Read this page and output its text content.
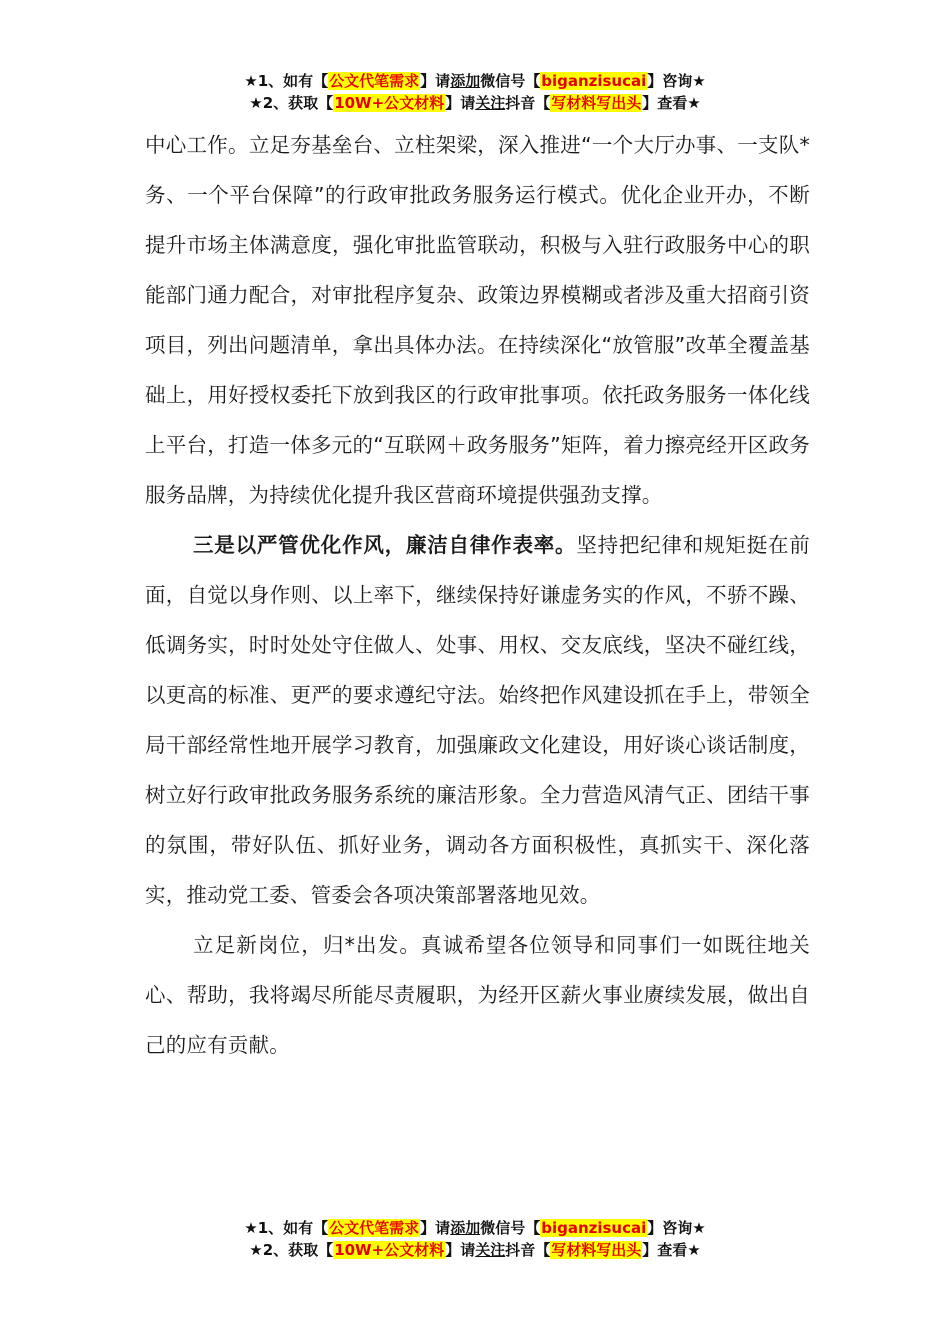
★1、如有【公文代笔需求】请添加微信号【biganzisucai】咨询★
★2、获取【10W+公文材料】请关注抖音【写材料写出头】查看★

中心工作。立足夯基垒台、立柱架梁，深入推进“一个大厅办事、一支队*务、一个平台保障”的行政审批政务服务运行模式。优化企业开办，不断提升市场主体满意度，强化审批监管联动，积极与入驻行政服务中心的职能部门通力配合，对审批程序复杂、政策边界模糊或者涉及重大招商引资项目，列出问题清单，拿出具体办法。在持续深化“放管服”改革全覆盖基础上，用好授权委托下放到我区的行政审批事项。依托政务服务一体化线上平台，打造一体多元的“互联网＋政务服务”矩阵，着力擦亮经开区政务服务品牌，为持续优化提升我区营商环境提供强劲支撑。

三是以严管优化作风，廉洁自律作表率。坚持把纪律和规矩挺在前面，自觉以身作则、以上率下，继续保持好谦虚务实的作风，不骄不躁、低调务实，时时处处守住做人、处事、用权、交友底线，坚决不碰红线，以更高的标准、更严的要求遵纪守法。始终把作风建设抓在手上，带领全局干部经常性地开展学习教育，加强廉政文化建设，用好谈心谈话制度，树立好行政审批政务服务系统的廉洁形象。全力营造风清气正、团结干事的氛围，带好队伍、抓好业务，调动各方面积极性，真抓实干、深化落实，推动党工委、管委会各项决策部署落地见效。

立足新岗位，归*出发。真诚希望各位领导和同事们一如既往地关心、帮助，我将竭尽所能尽责履职，为经开区薪火事业赓续发展，做出自己的应有贡献。

★1、如有【公文代笔需求】请添加微信号【biganzisucai】咨询★
★2、获取【10W+公文材料】请关注抖音【写材料写出头】查看★
